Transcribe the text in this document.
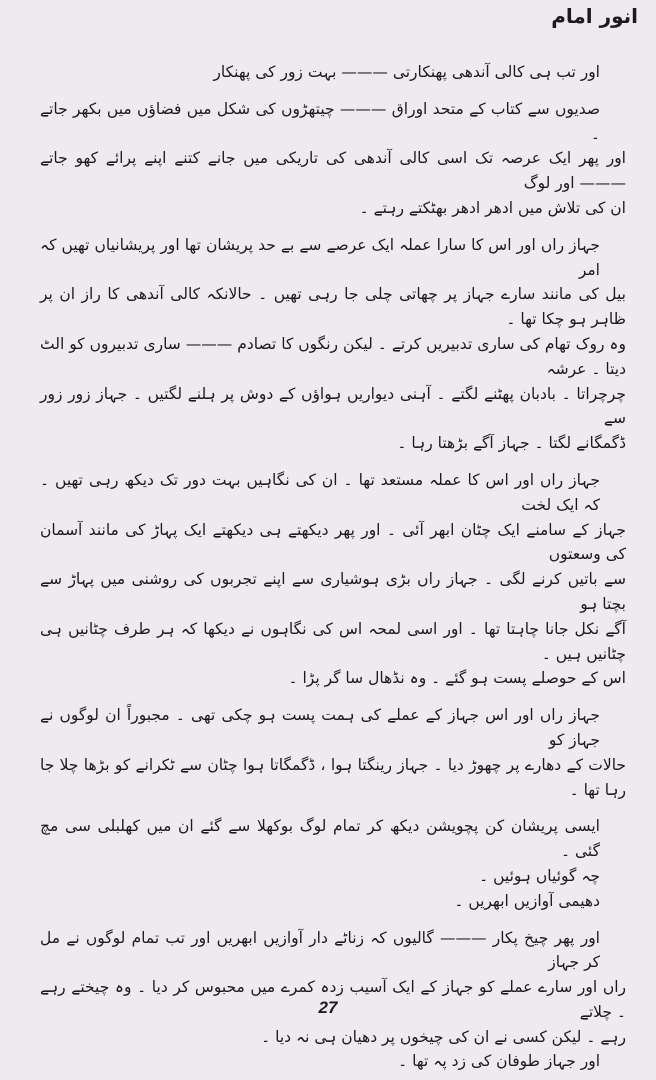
انور امام

اور تب ہی کالی آندھی پھنکارتی ——— بہت زور کی پھنکار

صدیوں سے کتاب کے متحد اوراق ——— چیتھڑوں کی شکل میں فضاؤں میں بکھر جاتے ۔
اور پھر ایک عرصہ تک اسی کالی آندھی کی تاریکی میں جانے کتنے اپنے پرائے کھو جاتے ——— اور لوگ
ان کی تلاش میں ادھر ادھر بھٹکتے رہتے ۔

جہاز راں اور اس کا سارا عملہ ایک عرصے سے بے حد پریشان تھا اور پریشانیاں تھیں کہ امر
بیل کی مانند سارے جہاز پر چھاتی چلی جا رہی تھیں ۔ حالانکہ کالی آندھی کا راز ان پر ظاہر ہو چکا تھا ۔
وہ روک تھام کی ساری تدبیریں کرتے ۔ لیکن رنگوں کا تصادم ——— ساری تدبیروں کو الٹ دیتا ۔ عرشہ
چرچراتا ۔ بادبان پھٹنے لگتے ۔ آہنی دیواریں ہواؤں کے دوش پر ہلنے لگتیں ۔ جہاز زور زور سے
ڈگمگانے لگتا ۔ جہاز آگے بڑھتا رہا ۔

جہاز راں اور اس کا عملہ مستعد تھا ۔ ان کی نگاہیں بہت دور تک دیکھ رہی تھیں ۔ کہ ایک لخت
جہاز کے سامنے ایک چٹان ابھر آئی ۔ اور پھر دیکھتے ہی دیکھتے ایک پہاڑ کی مانند آسمان کی وسعتوں
سے باتیں کرنے لگی ۔ جہاز راں بڑی ہوشیاری سے اپنے تجربوں کی روشنی میں پہاڑ سے بچتا ہو
آگے نکل جانا چاہتا تھا ۔ اور اسی لمحہ اس کی نگاہوں نے دیکھا کہ ہر طرف چٹانیں ہی چٹانیں ہیں ۔
اس کے حوصلے پست ہو گئے ۔ وہ نڈھال سا گر پڑا ۔

جہاز راں اور اس جہاز کے عملے کی ہمت پست ہو چکی تھی ۔ مجبوراً ان لوگوں نے جہاز کو
حالات کے دھارے پر چھوڑ دیا ۔ جہاز رینگتا ہوا ، ڈگمگاتا ہوا چٹان سے ٹکرانے کو بڑھا چلا جا رہا تھا ۔

ایسی پریشان کن پچویشن دیکھ کر تمام لوگ بوکھلا سے گئے ان میں کھلبلی سی مچ گئی ۔
چہ گوئیاں ہوئیں ۔
دھیمی آوازیں ابھریں ۔

اور پھر چیخ پکار ——— گالیوں کہ زناٹے دار آوازیں ابھریں اور تب تمام لوگوں نے مل کر جہاز
راں اور سارے عملے کو جہاز کے ایک آسیب زدہ کمرے میں محبوس کر دیا ۔ وہ چیختے رہے ۔ چلاتے
رہے ۔ لیکن کسی نے ان کی چیخوں پر دھیان ہی نہ دیا ۔
اور جہاز طوفان کی زد پہ تھا ۔

27
